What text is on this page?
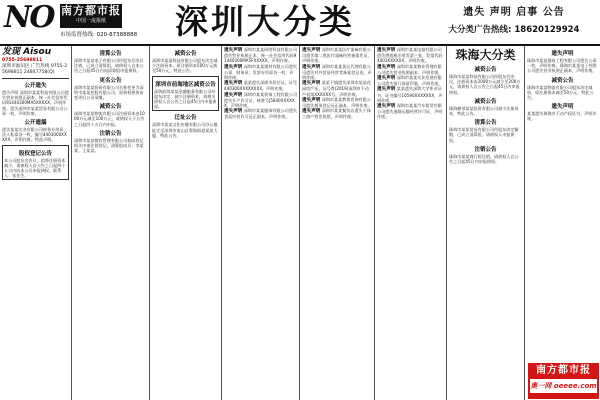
NO 南方都市报
中国一流报纸
市场监督热线: 020-87388888 深圳大分类	遗失 声明 启事 公告
大分类广告热线: 18620129924
发现 Aisou
0755-25698811
深圳市福田区 广告热线 0755-25698811 24847758(Q)
公开遗失
遗失声明 深圳市某某科技有限公司遗失营业执照正副本，统一社会信用代码91440300MA5XXXXX，声明作废。遗失深圳市某某贸易有限公司公章一枚，声明作废。
公开遗漏
遗失某某实业有限公司财务专用章、法人私章各一枚，编号4403000XXXXX，声明作废。特此声明。
股权登记公告
本公司股东会决议，拟将注册资本减少，请债权人自公告之日起四十五日内向本公司申报债权。联系人：张先生。
清算公告
深圳市某某电子有限公司经股东会决议注销，已成立清算组，请债权人自本公告之日起45日内向清算组申报债权。
更名公告
深圳市某某投资有限公司名称变更为深圳市某某控股有限公司，原债权债务由变更后公司承继。
减资公告
深圳市某某物流有限公司注册资本由1000万元减至100万元，请债权人于公告之日起四十五日内申报。
注销公告
深圳市某某餐饮管理有限公司拟向登记机关申请注销登记，清算组成员：李某某、王某某。
减资公告
深圳市某某科技有限公司股东决定减少注册资本，原注册资本500万元减至50万元，特此公告。
深圳市前海地区减资公告
深圳前海某某金融服务有限公司经股东决定，减少注册资本，请相关债权人自公告之日起45日内申报债权。
迁址公告
深圳市某某文化传播有限公司办公地址迁至深圳市南山区粤海街道某某大厦，特此公告。
遗失声明 深圳市某某网络科技有限公司遗失营业执照正本，统一社会信用代码91440300MA5FXXXXX，声明作废。
遗失声明 深圳市某某建材有限公司遗失公章、财务章、发票专用章各一枚，声明作废。
遗失声明 某某遗失深圳市居住证，证号440300XXXXXXXX，声明作废。
遗失声明 深圳市某某装饰工程有限公司遗失开户许可证，核准号J5840XXXXXX，声明作废。
遗失声明 深圳市某某服饰有限公司遗失食品经营许可证正副本，声明作废。
遗失声明 深圳市某某医疗器械有限公司遗失第二类医疗器械经营备案凭证，声明作废。
遗失声明 深圳市某某货运代理有限公司遗失对外贸易经营者备案登记表，声明作废。
遗失声明 某某不慎遗失深圳市某某花园房产证，证号粤(2019)深圳市不动产权第XXXXXX号，声明作废。
遗失声明 深圳市某某教育咨询有限公司遗失税务登记证正副本，声明作废。
遗失声明 深圳市某某餐饮店遗失个体工商户营业执照，声明作废。
遗失声明 深圳市某某电器有限公司遗失增值税专用发票三张，发票代码4403XXXXXX，声明作废。
遗失声明 深圳市某某物业管理有限公司遗失营业执照副本，声明作废。
遗失声明 深圳市某某实业发展有限公司遗失银行预留印鉴，声明作废。
遗失声明 某某遗失深圳大学毕业证书，证书编号10590XXXXXXX，声明作废。
遗失声明 深圳市某某汽车租赁有限公司遗失道路运输经营许可证，声明作废。
珠海大分类
减资公告
珠海市某某科技有限公司经股东会决议，注册资本由2000万元减少至200万元，请债权人自公告之日起45日内申报债权。
减资公告
珠海横琴某某投资有限公司减少注册资本，特此公告。
清算公告
珠海市某某贸易有限公司经股东决定解散，已成立清算组，请债权人申报债权。
注销公告
珠海市某某商行拟注销，请债权人自公告之日起45日内申报债权。
遗失声明
珠海市某某建筑工程有限公司遗失公章一枚，声明作废。珠海市某某电子有限公司遗失营业执照正副本，声明作废。
减资公告
珠海市某某物流有限公司股东决定减资，原注册资本减至50万元，特此公告。
遗失声明
某某遗失珠海市不动产权证书，声明作废。
南方都市报
奥一网 oeeee.com
